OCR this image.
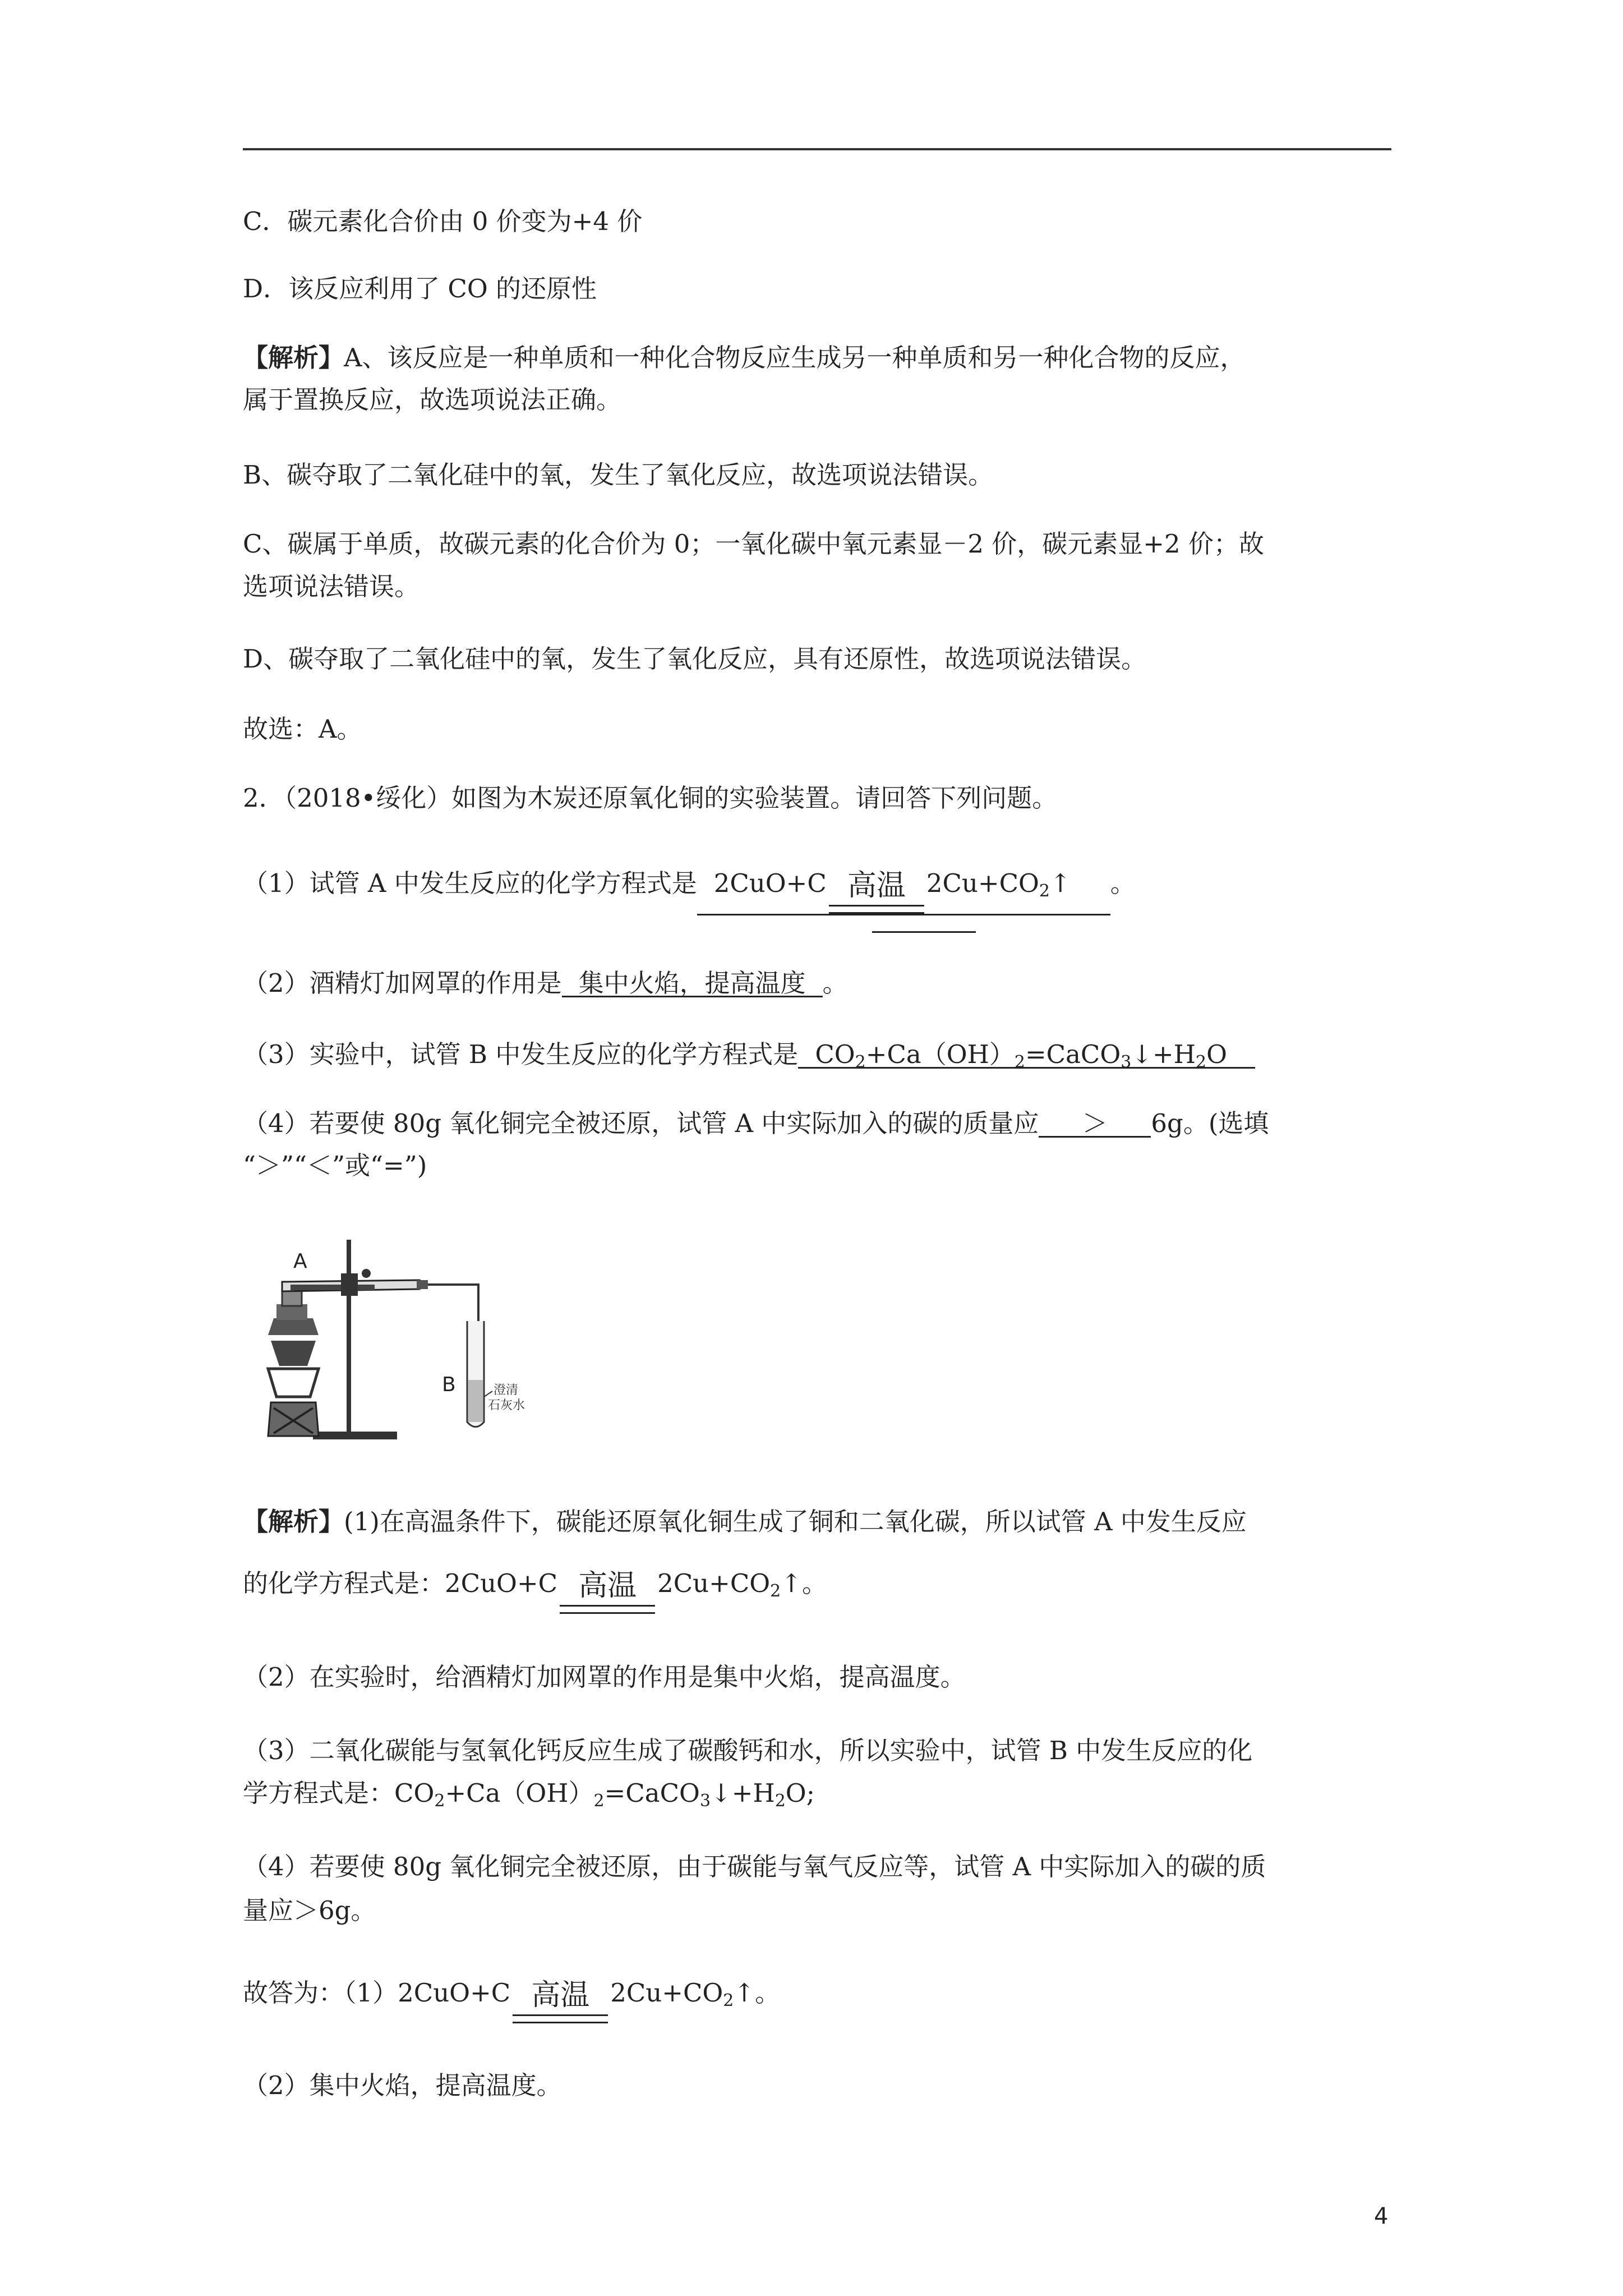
C．碳元素化合价由 0 价变为+4 价
D．该反应利用了 CO 的还原性
【解析】A、该反应是一种单质和一种化合物反应生成另一种单质和另一种化合物的反应，
属于置换反应，故选项说法正确。
B、碳夺取了二氧化硅中的氧，发生了氧化反应，故选项说法错误。
C、碳属于单质，故碳元素的化合价为 0；一氧化碳中氧元素显－2 价，碳元素显+2 价；故
选项说法错误。
D、碳夺取了二氧化硅中的氧，发生了氧化反应，具有还原性，故选项说法错误。
故选：A。
2．（2018•绥化）如图为木炭还原氧化铜的实验装置。请回答下列问题。
（1）试管 A 中发生反应的化学方程式是 2CuO+C 高温 $2Cu+CO_2↑$ 。
（2）酒精灯加网罩的作用是 集中火焰，提高温度 。
（3）实验中，试管 B 中发生反应的化学方程式是 $CO_2+Ca(OH)_2=CaCO_3↓+H_2O$
（4）若要使 80g 氧化铜完全被还原，试管 A 中实际加入的碳的质量应 ＞ 6g。(选填
“＞”“＜”或“=”)
A
B	澄清
石灰水
【解析】(1)在高温条件下，碳能还原氧化铜生成了铜和二氧化碳，所以试管 A 中发生反应
的化学方程式是：2CuO+C 高温 $2Cu+CO_2↑$。
（2）在实验时，给酒精灯加网罩的作用是集中火焰，提高温度。
（3）二氧化碳能与氢氧化钙反应生成了碳酸钙和水，所以实验中，试管 B 中发生反应的化
学方程式是：$CO_2+Ca(OH)_2=CaCO_3↓+H_2O$;
（4）若要使 80g 氧化铜完全被还原，由于碳能与氧气反应等，试管 A 中实际加入的碳的质
量应＞6g。
故答为：（1）2CuO+C 高温 $2Cu+CO_2↑$。
（2）集中火焰，提高温度。
4
